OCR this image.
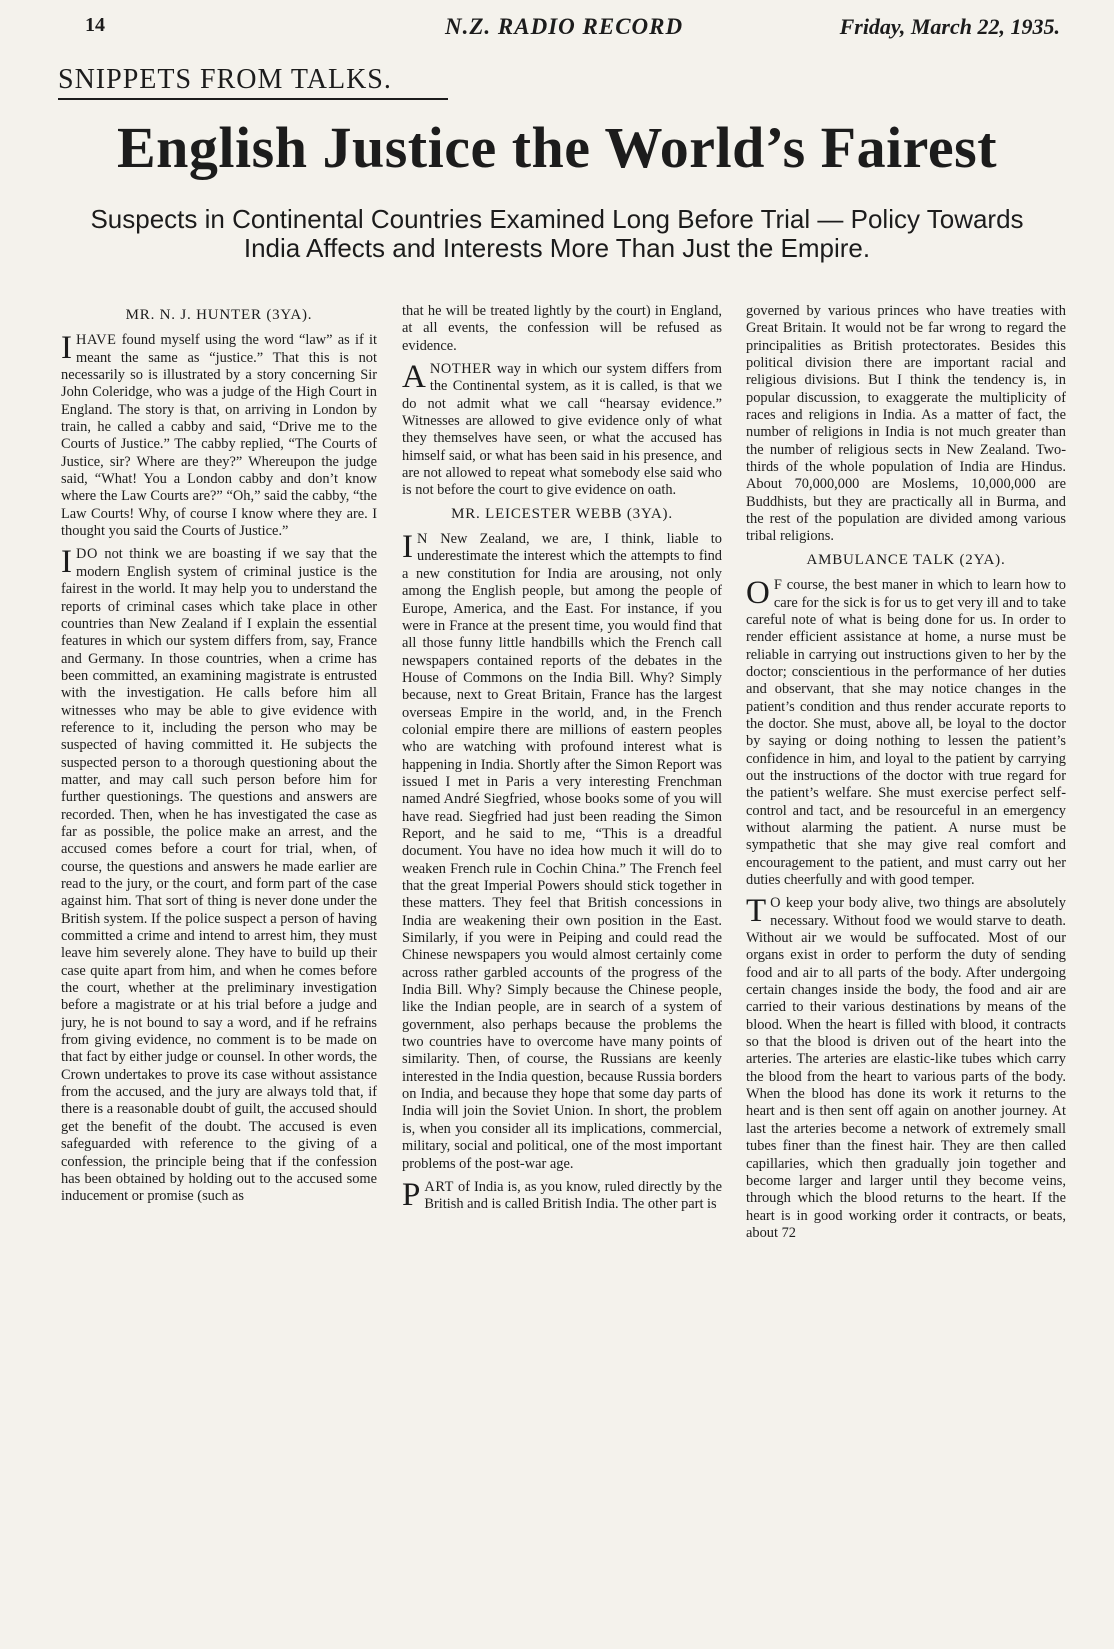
14	N.Z. RADIO RECORD	Friday, March 22, 1935.
SNIPPETS FROM TALKS.
English Justice the World’s Fairest
Suspects in Continental Countries Examined Long Before Trial — Policy Towards India Affects and Interests More Than Just the Empire.
MR. N. J. HUNTER (3YA).

IHAVE found myself using the word “law” as if it meant the same as “justice.” That this is not necessarily so is illustrated by a story concerning Sir John Coleridge, who was a judge of the High Court in England. The story is that, on arriving in London by train, he called a cabby and said, “Drive me to the Courts of Justice.” The cabby replied, “The Courts of Justice, sir? Where are they?” Whereupon the judge said, “What! You a London cabby and don’t know where the Law Courts are?” “Oh,” said the cabby, “the Law Courts! Why, of course I know where they are. I thought you said the Courts of Justice.”

IDO not think we are boasting if we say that the modern English system of criminal justice is the fairest in the world. It may help you to understand the reports of criminal cases which take place in other countries than New Zealand if I explain the essential features in which our system differs from, say, France and Germany. In those countries, when a crime has been committed, an examining magistrate is entrusted with the investigation. He calls before him all witnesses who may be able to give evidence with reference to it, including the person who may be suspected of having committed it. He subjects the suspected person to a thorough questioning about the matter, and may call such person before him for further questionings. The questions and answers are recorded. Then, when he has investigated the case as far as possible, the police make an arrest, and the accused comes before a court for trial, when, of course, the questions and answers he made earlier are read to the jury, or the court, and form part of the case against him. That sort of thing is never done under the British system. If the police suspect a person of having committed a crime and intend to arrest him, they must leave him severely alone. They have to build up their case quite apart from him, and when he comes before the court, whether at the preliminary investigation before a magistrate or at his trial before a judge and jury, he is not bound to say a word, and if he refrains from giving evidence, no comment is to be made on that fact by either judge or counsel. In other words, the Crown undertakes to prove its case without assistance from the accused, and the jury are always told that, if there is a reasonable doubt of guilt, the accused should get the benefit of the doubt. The accused is even safeguarded with reference to the giving of a confession, the principle being that if the confession has been obtained by holding out to the accused some inducement or promise (such as

that he will be treated lightly by the court) in England, at all events, the confession will be refused as evidence.

ANOTHER way in which our system differs from the Continental system, as it is called, is that we do not admit what we call “hearsay evidence.” Witnesses are allowed to give evidence only of what they themselves have seen, or what the accused has himself said, or what has been said in his presence, and are not allowed to repeat what somebody else said who is not before the court to give evidence on oath.

MR. LEICESTER WEBB (3YA).

I N New Zealand, we are, I think, liable to underestimate the interest which the attempts to find a new constitution for India are arousing, not only among the English people, but among the people of Europe, America, and the East. For instance, if you were in France at the present time, you would find that all those funny little handbills which the French call newspapers contained reports of the debates in the House of Commons on the India Bill. Why? Simply because, next to Great Britain, France has the largest overseas Empire in the world, and, in the French colonial empire there are millions of eastern peoples who are watching with profound interest what is happening in India. Shortly after the Simon Report was issued I met in Paris a very interesting Frenchman named André Siegfried, whose books some of you will have read. Siegfried had just been reading the Simon Report, and he said to me, “This is a dreadful document. You have no idea how much it will do to weaken French rule in Cochin China.” The French feel that the great Imperial Powers should stick together in these matters. They feel that British concessions in India are weakening their own position in the East. Similarly, if you were in Peiping and could read the Chinese newspapers you would almost certainly come across rather garbled accounts of the progress of the India Bill. Why? Simply because the Chinese people, like the Indian people, are in search of a system of government, also perhaps because the problems the two countries have to overcome have many points of similarity. Then, of course, the Russians are keenly interested in the India question, because Russia borders on India, and because they hope that some day parts of India will join the Soviet Union. In short, the problem is, when you consider all its implications, commercial, military, social and political, one of the most important problems of the post-war age.

PART of India is, as you know, ruled directly by the British and is called British India. The other part is

governed by various princes who have treaties with Great Britain. It would not be far wrong to regard the principalities as British protectorates. Besides this political division there are important racial and religious divisions. But I think the tendency is, in popular discussion, to exaggerate the multiplicity of races and religions in India. As a matter of fact, the number of religions in India is not much greater than the number of religious sects in New Zealand. Two-thirds of the whole population of India are Hindus. About 70,000,000 are Moslems, 10,000,000 are Buddhists, but they are practically all in Burma, and the rest of the population are divided among various tribal religions.

AMBULANCE TALK (2YA).

O F course, the best maner in which to learn how to care for the sick is for us to get very ill and to take careful note of what is being done for us. In order to render efficient assistance at home, a nurse must be reliable in carrying out instructions given to her by the doctor; conscientious in the performance of her duties and observant, that she may notice changes in the patient’s condition and thus render accurate reports to the doctor. She must, above all, be loyal to the doctor by saying or doing nothing to lessen the patient’s confidence in him, and loyal to the patient by carrying out the instructions of the doctor with true regard for the patient’s welfare. She must exercise perfect self-control and tact, and be resourceful in an emergency without alarming the patient. A nurse must be sympathetic that she may give real comfort and encouragement to the patient, and must carry out her duties cheerfully and with good temper.

T O keep your body alive, two things are absolutely necessary. Without food we would starve to death. Without air we would be suffocated. Most of our organs exist in order to perform the duty of sending food and air to all parts of the body. After undergoing certain changes inside the body, the food and air are carried to their various destinations by means of the blood. When the heart is filled with blood, it contracts so that the blood is driven out of the heart into the arteries. The arteries are elastic-like tubes which carry the blood from the heart to various parts of the body. When the blood has done its work it returns to the heart and is then sent off again on another journey. At last the arteries become a network of extremely small tubes finer than the finest hair. They are then called capillaries, which then gradually join together and become larger and larger until they become veins, through which the blood returns to the heart. If the heart is in good working order it contracts, or beats, about 72
